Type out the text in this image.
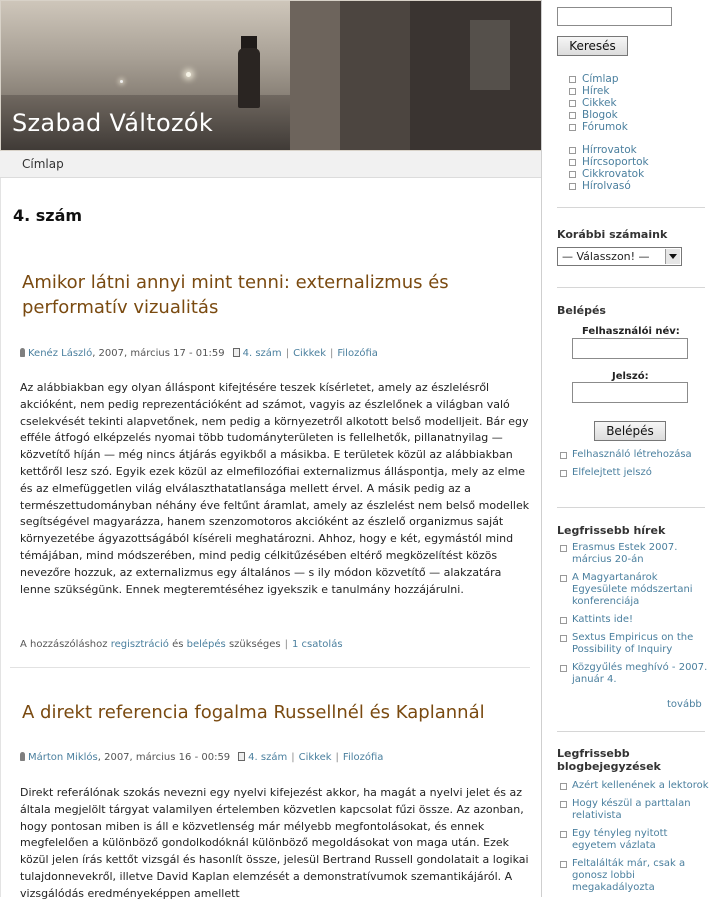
Szabad Változók
Címlap
4. szám
Amikor látni annyi mint tenni: externalizmus és performatív vizualitás
Kenéz László, 2007, március 17 - 01:59 4. szám | Cikkek | Filozófia
Az alábbiakban egy olyan álláspont kifejtésére teszek kísérletet, amely az észlelésről akcióként, nem pedig reprezentációként ad számot, vagyis az észlelőnek a világban való cselekvését tekinti alapvetőnek, nem pedig a környezetről alkotott belső modelljeit. Bár egy efféle átfogó elképzelés nyomai több tudományterületen is fellelhetők, pillanatnyilag — közvetítő híján — még nincs átjárás egyikből a másikba. E területek közül az alábbiakban kettőről lesz szó. Egyik ezek közül az elmefilozófiai externalizmus álláspontja, mely az elme és az elmefüggetlen világ elválaszthatatlansága mellett érvel. A másik pedig az a természettudományban néhány éve feltűnt áramlat, amely az észlelést nem belső modellek segítségével magyarázza, hanem szenzomotoros akcióként az észlelő organizmus saját környezetébe ágyazottságából kíséreli meghatározni. Ahhoz, hogy e két, egymástól mind témájában, mind módszerében, mind pedig célkitűzésében eltérő megközelítést közös nevezőre hozzuk, az externalizmus egy általános — s ily módon közvetítő — alakzatára lenne szükségünk. Ennek megteremtéséhez igyekszik e tanulmány hozzájárulni.
A hozzászóláshoz regisztráció és belépés szükséges | 1 csatolás
A direkt referencia fogalma Russellnél és Kaplannál
Márton Miklós, 2007, március 16 - 00:59 4. szám | Cikkek | Filozófia
Direkt referálónak szokás nevezni egy nyelvi kifejezést akkor, ha magát a nyelvi jelet és az általa megjelölt tárgyat valamilyen értelemben közvetlen kapcsolat fűzi össze. Az azonban, hogy pontosan miben is áll e közvetlenség már mélyebb megfontolásokat, és ennek megfelelően a különböző gondolkodóknál különböző megoldásokat von maga után. Ezek közül jelen írás kettőt vizsgál és hasonlít össze, jelesül Bertrand Russell gondolatait a logikai tulajdonnevekről, illetve David Kaplan elemzését a demonstratívumok szemantikájáról. A vizsgálódás eredményeképpen amellett
Keresés
Címlap
Hírek
Cikkek
Blogok
Fórumok
Hírrovatok
Hírcsoportok
Cikkrovatok
Hírolvasó
Korábbi számaink
— Válasszon! —
Belépés
Felhasználói név:
Jelszó:
Belépés
Felhasználó létrehozása
Elfelejtett jelszó
Legfrissebb hírek
Erasmus Estek 2007. március 20-án
A Magyartanárok Egyesülete módszertani konferenciája
Kattints ide!
Sextus Empiricus on the Possibility of Inquiry
Közgyűlés meghívó - 2007. január 4.
tovább
Legfrissebb blogbejegyzések
Azért kellenének a lektorok
Hogy készül a parttalan relativista
Egy tényleg nyitott egyetem vázlata
Feltalálták már, csak a gonosz lobbi megakadályozta
